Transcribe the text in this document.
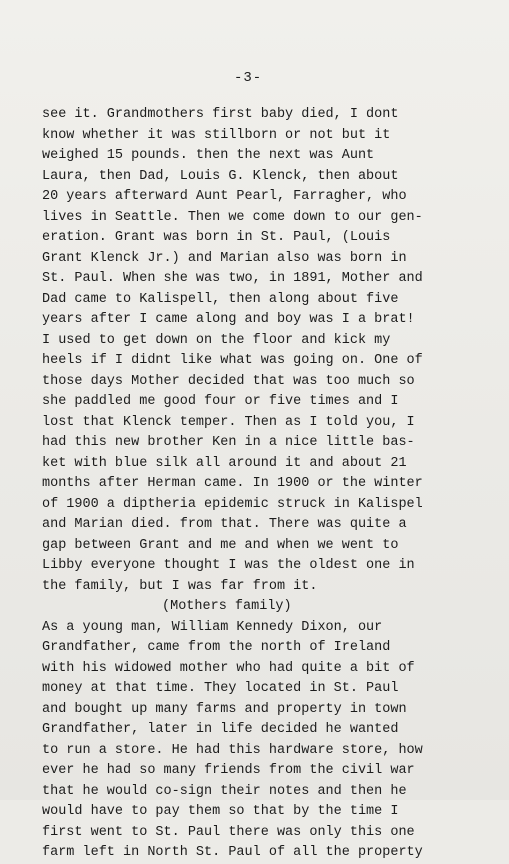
-3-
see it. Grandmothers first baby died, I dont
know whether it was stillborn or not but it
weighed 15 pounds. then the next was Aunt
Laura, then Dad, Louis G. Klenck, then about
20 years afterward Aunt Pearl, Farragher, who
lives in Seattle. Then we come down to our gen-
eration. Grant was born in St. Paul, (Louis
Grant Klenck Jr.) and Marian also was born in
St. Paul. When she was two, in 1891, Mother and
Dad came to Kalispell, then along about five
years after I came along and boy was I a brat!
I used to get down on the floor and kick my
heels if I didnt like what was going on. One of
those days Mother decided that was too much so
she paddled me good four or five times and I
lost that Klenck temper. Then as I told you, I
had this new brother Ken in a nice little bas-
ket with blue silk all around it and about 21
months after Herman came. In 1900 or the winter
of 1900 a diptheria epidemic struck in Kalispel
and Marian died. from that. There was quite a
gap between Grant and me and when we went to
Libby everyone thought I was the oldest one in
the family, but I was far from it.
(Mothers family)
As a young man, William Kennedy Dixon, our
Grandfather, came from the north of Ireland
with his widowed mother who had quite a bit of
money at that time. They located in St. Paul
and bought up many farms and property in town
Grandfather, later in life decided he wanted
to run a store. He had this hardware store, how
ever he had so many friends from the civil war
that he would co-sign their notes and then he
would have to pay them so that by the time I
first went to St. Paul there was only this one
farm left in North St. Paul of all the property
